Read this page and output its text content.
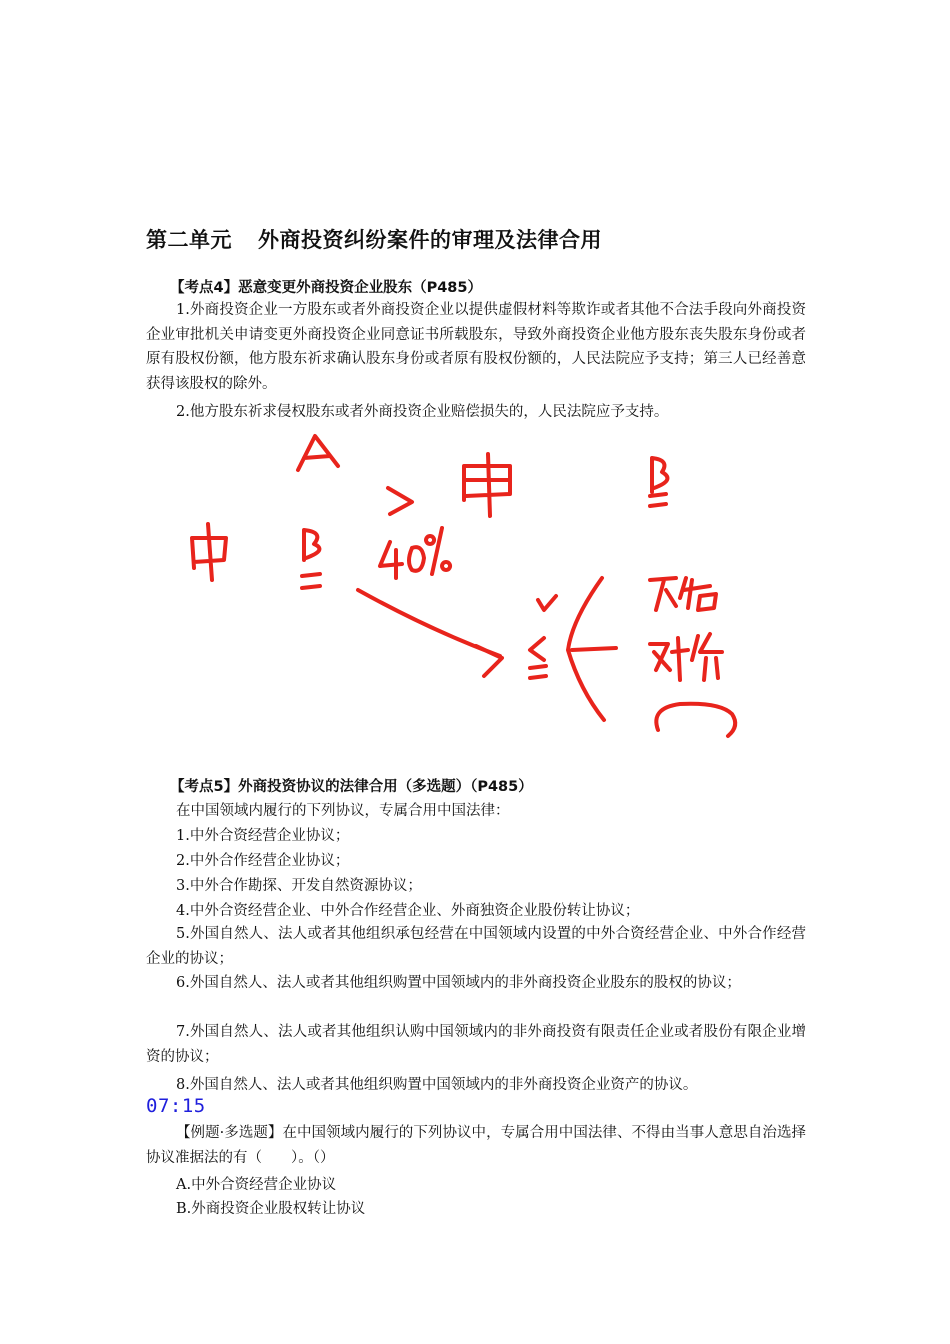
第二单元 外商投资纠纷案件的审理及法律合用
【考点4】恶意变更外商投资企业股东（P485）
1.外商投资企业一方股东或者外商投资企业以提供虚假材料等欺诈或者其他不合法手段向外商投资企业审批机关申请变更外商投资企业同意证书所载股东，导致外商投资企业他方股东丧失股东身份或者原有股权份额，他方股东祈求确认股东身份或者原有股权份额的，人民法院应予支持；第三人已经善意获得该股权的除外。
2.他方股东祈求侵权股东或者外商投资企业赔偿损失的，人民法院应予支持。
【考点5】外商投资协议的法律合用（多选题）（P485）
在中国领域内履行的下列协议，专属合用中国法律：
1.中外合资经营企业协议；
2.中外合作经营企业协议；
3.中外合作勘探、开发自然资源协议；
4.中外合资经营企业、中外合作经营企业、外商独资企业股份转让协议；
5.外国自然人、法人或者其他组织承包经营在中国领域内设置的中外合资经营企业、中外合作经营企业的协议；
6.外国自然人、法人或者其他组织购置中国领域内的非外商投资企业股东的股权的协议；
7.外国自然人、法人或者其他组织认购中国领域内的非外商投资有限责任企业或者股份有限企业增资的协议；
8.外国自然人、法人或者其他组织购置中国领域内的非外商投资企业资产的协议。
07:15
【例题·多选题】在中国领域内履行的下列协议中，专属合用中国法律、不得由当事人意思自治选择协议准据法的有（　　）。（）
A.中外合资经营企业协议
B.外商投资企业股权转让协议
